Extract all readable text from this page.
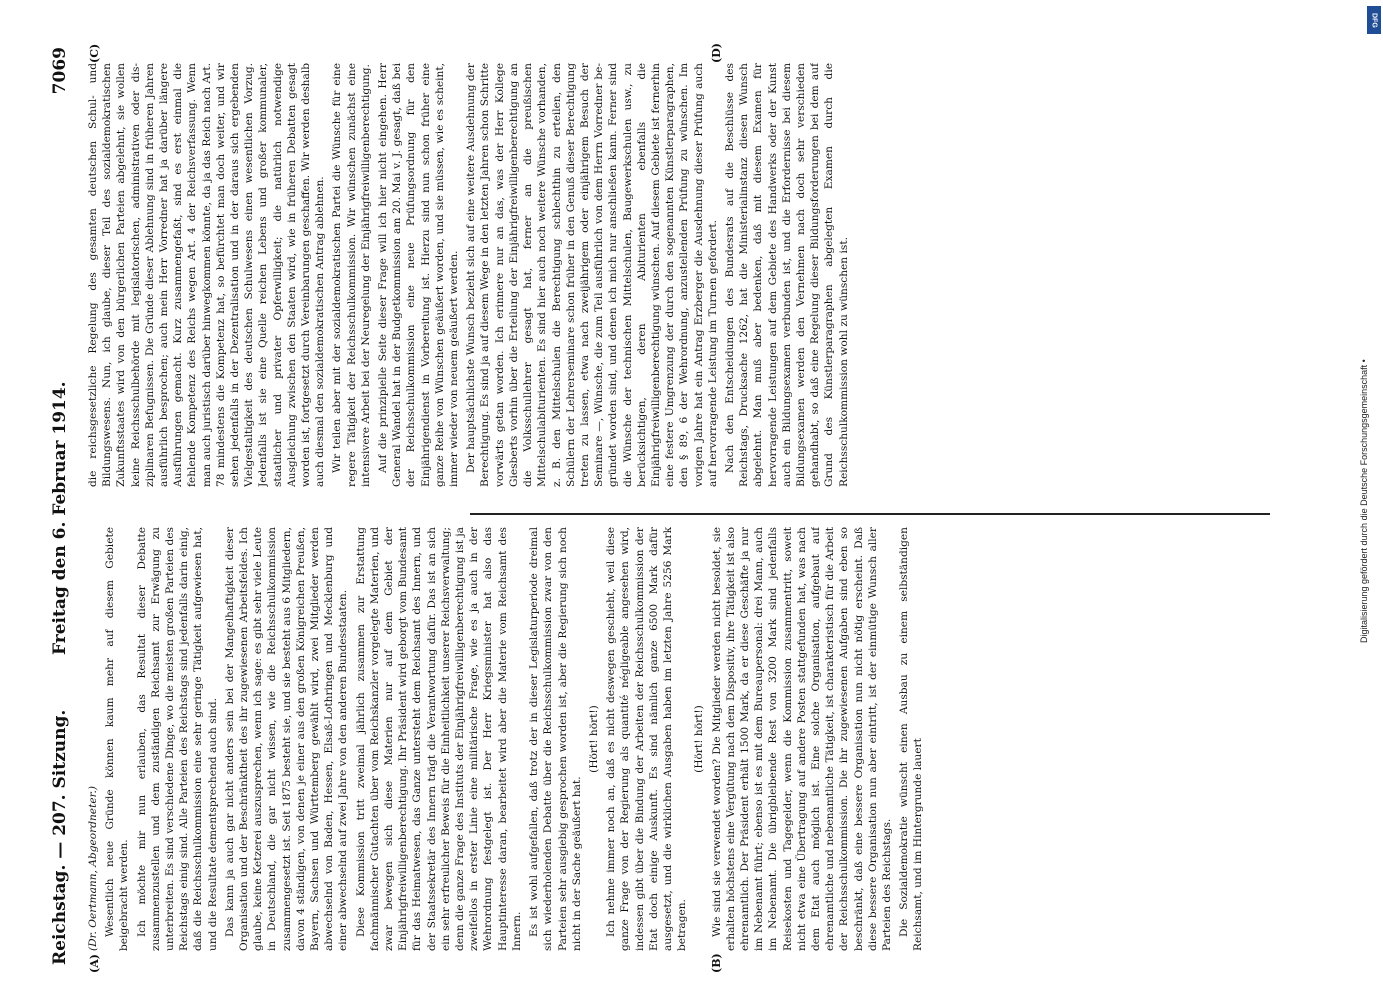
Reichstag. — 207. Sitzung.
Freitag den 6. Februar 1914.
7069
(A)	(B)
(C)	(D)

(Dr. Oertmann, Abgeordneter.) Wesentlich neue Gründe können kaum mehr auf diesem Gebiete beigebracht werden. Ich möchte mir nun erlauben, das Resultat dieser Debatte zusammenzustellen und dem zuständigen Reichsamt zur Erwägung zu unterbreiten. Es sind verschiedene Dinge, wo die meisten großen Parteien des Reichstags einig sind. Alle Parteien des Reichstags sind jedenfalls darin einig, daß die Reichsschulkommission eine sehr geringe Tätigkeit aufgewiesen hat, und die Resultate dementsprechend auch sind. Das kann ja auch gar nicht anders sein bei der Mangelhaftigkeit dieser Organisation und der Beschränktheit des ihr zugewiesenen Arbeitsfeldes. Ich glaube, keine Ketzerei auszusprechen, wenn ich sage: es gibt sehr viele Leute in Deutschland, die gar nicht wissen, wie die Reichsschulkommission zusammengesetzt ist. Seit 1875 besteht sie, und sie besteht aus 6 Mitgliedern, davon 4 ständigen, von denen je einer aus den großen Königreichen Preußen, Bayern, Sachsen und Württemberg gewählt wird, zwei Mitglieder werden abwechselnd von Baden, Hessen, Elsaß-Lothringen und Mecklenburg und einer abwechselnd auf zwei Jahre von den anderen Bundesstaaten. Diese Kommission tritt zweimal jährlich zusammen zur Erstattung fachmännischer Gutachten über vom Reichskanzler vorgelegte Materien, und zwar bewegen sich diese Materien nur auf dem Gebiet der Einjährigfreiwilligenberechtigung. Ihr Präsident wird geborgt vom Bundesamt für das Heimatwesen, das Ganze untersteht dem Reichsamt des Innern, und der Staatssekretär des Innern trägt die Verantwortung dafür. Das ist an sich ein sehr erfreulicher Beweis für die Einheitlichkeit unserer Reichsverwaltung; denn die ganze Frage des Instituts der Einjährigfreiwilligenberechtigung ist ja zweifellos in erster Linie eine militärische Frage, wie es ja auch in der Wehrordnung festgelegt ist. Der Herr Kriegsminister hat also das Hauptinteresse daran, bearbeitet wird aber die Materie vom Reichsamt des Innern. Es ist wohl aufgefallen, daß trotz der in dieser Legislaturperiode dreimal sich wiederholenden Debatte über die Reichsschulkommission zwar von den Parteien sehr ausgiebig gesprochen worden ist, aber die Regierung sich noch nicht in der Sache geäußert hat.

(Hört! hört!) Ich nehme immer noch an, daß es nicht deswegen geschieht, weil diese ganze Frage von der Regierung als quantité négligeable angesehen wird, indessen gibt über die Bindung der Arbeiten der Reichsschulkommission der Etat doch einige Auskunft. Es sind nämlich ganze 6500 Mark dafür ausgesetzt, und die wirklichen Ausgaben haben im letzten Jahre 5256 Mark betragen.

(Hört! hört!) Wie sind sie verwendet worden? Die Mitglieder werden nicht besoldet, sie erhalten höchstens eine Vergütung nach dem Dispositiv, ihre Tätigkeit ist also ehrenamtlich. Der Präsident erhält 1500 Mark, da er diese Geschäfte ja nur im Nebenamt führt; ebenso ist es mit dem Bureaupersonal: drei Mann, auch im Nebenamt. Die übrigbleibende Rest von 3200 Mark sind jedenfalls Reisekosten und Tagegelder, wenn die Kommission zusammentritt, soweit nicht etwa eine Übertragung auf andere Posten stattgefunden hat, was nach dem Etat auch möglich ist. Eine solche Organisation, aufgebaut auf ehrenamtliche und nebenamtliche Tätigkeit, ist charakteristisch für die Arbeit der Reichsschulkommission. Die ihr zugewiesenen Aufgaben sind eben so beschränkt, daß eine bessere Organisation nun nicht nötig erscheint. Daß diese bessere Organisation nun aber eintritt, ist der einmütige Wunsch aller Parteien des Reichstags. Die Sozialdemokratie wünscht einen Ausbau zu einem selbständigen Reichsamt, und im Hintergrunde lauert

die reichsgesetzliche Regelung des gesamten deutschen Schul- und Bildungswesens. Nun, ich glaube, dieser Teil des sozialdemokratischen Zukunftsstaates wird von den bürgerlichen Parteien abgelehnt, sie wollen keine Reichsschulbehörde mit legislatorischen, administrativen oder disziplinaren Befugnissen. Die Gründe dieser Ablehnung sind in früheren Jahren ausführlich besprochen; auch mein Herr Vorredner hat ja darüber längere Ausführungen gemacht. Kurz zusammengefaßt, sind es erst einmal die fehlende Kompetenz des Reichs wegen Art. 4 der Reichsverfassung. Wenn man auch juristisch darüber hinwegkommen könnte, da ja das Reich nach Art. 78 mindestens die Kompetenz hat, so befürchtet man doch weiter, und wir sehen jedenfalls in der Dezentralisation und in der daraus sich ergebenden Vielgestaltigkeit des deutschen Schulwesens einen wesentlichen Vorzug. Jedenfalls ist sie eine Quelle reichen Lebens und großer kommunaler, staatlicher und privater Opferwilligkeit; die natürlich notwendige Ausgleichung zwischen den Staaten wird, wie in früheren Debatten gesagt worden ist, fortgesetzt durch Vereinbarungen geschaffen. Wir werden deshalb auch diesmal den sozialdemokratischen Antrag ablehnen. Wir teilen aber mit der sozialdemokratischen Partei die Wünsche für eine regere Tätigkeit der Reichsschulkommission. Wir wünschen zunächst eine intensivere Arbeit bei der Neuregelung der Einjährigfreiwilligenberechtigung. Auf die prinzipielle Seite dieser Frage will ich hier nicht eingehen. Herr General Wandel hat in der Budgetkommission am 20. Mai v. J. gesagt, daß bei der Reichsschulkommission eine neue Prüfungsordnung für den Einjährigendienst in Vorbereitung ist. Hierzu sind nun schon früher eine ganze Reihe von Wünschen geäußert worden, und sie müssen, wie es scheint, immer wieder von neuem geäußert werden. Der hauptsächlichste Wunsch bezieht sich auf eine weitere Ausdehnung der Berechtigung. Es sind ja auf diesem Wege in den letzten Jahren schon Schritte vorwärts getan worden. Ich erinnere nur an das, was der Herr Kollege Giesberts vorhin über die Erteilung der Einjährigfreiwilligenberechtigung an die Volksschullehrer gesagt hat, ferner an die preußischen Mittelschulabiturienten. Es sind hier auch noch weitere Wünsche vorhanden, z. B. den Mittelschulen die Berechtigung schlechthin zu erteilen, den Schülern der Lehrerseminare schon früher in den Genuß dieser Berechtigung treten zu lassen, etwa nach zweijährigem oder einjährigem Besuch der Seminare —, Wünsche, die zum Teil ausführlich von dem Herrn Vorredner begründet worden sind, und denen ich mich nur anschließen kann. Ferner sind die Wünsche der technischen Mittelschulen, Baugewerkschulen usw., zu berücksichtigen, deren Abiturienten ebenfalls die Einjährigfreiwilligenberechtigung wünschen. Auf diesem Gebiete ist fernerhin eine festere Umgrenzung der durch den sogenannten Künstlerparagraphen, den § 89, 6 der Wehrordnung, anzustellenden Prüfung zu wünschen. Im vorigen Jahre hat ein Antrag Erzberger die Ausdehnung dieser Prüfung auch auf hervorragende Leistung im Turnen gefordert. Nach den Entscheidungen des Bundesrats auf die Beschlüsse des Reichstags, Drucksache 1262, hat die Ministerialinstanz diesen Wunsch abgelehnt. Man muß aber bedenken, daß mit diesem Examen für hervorragende Leistungen auf dem Gebiete des Handwerks oder der Kunst auch ein Bildungsexamen verbunden ist, und die Erfordernisse bei diesem Bildungsexamen werden den Vernehmen nach doch sehr verschieden gehandhabt, so daß eine Regelung dieser Bildungsforderungen bei dem auf Grund des Künstlerparagraphen abgelegten Examen durch die Reichsschulkommission wohl zu wünschen ist.	Digitalisierung gefördert durch die Deutsche Forschungsgemeinschaft •
DFG
